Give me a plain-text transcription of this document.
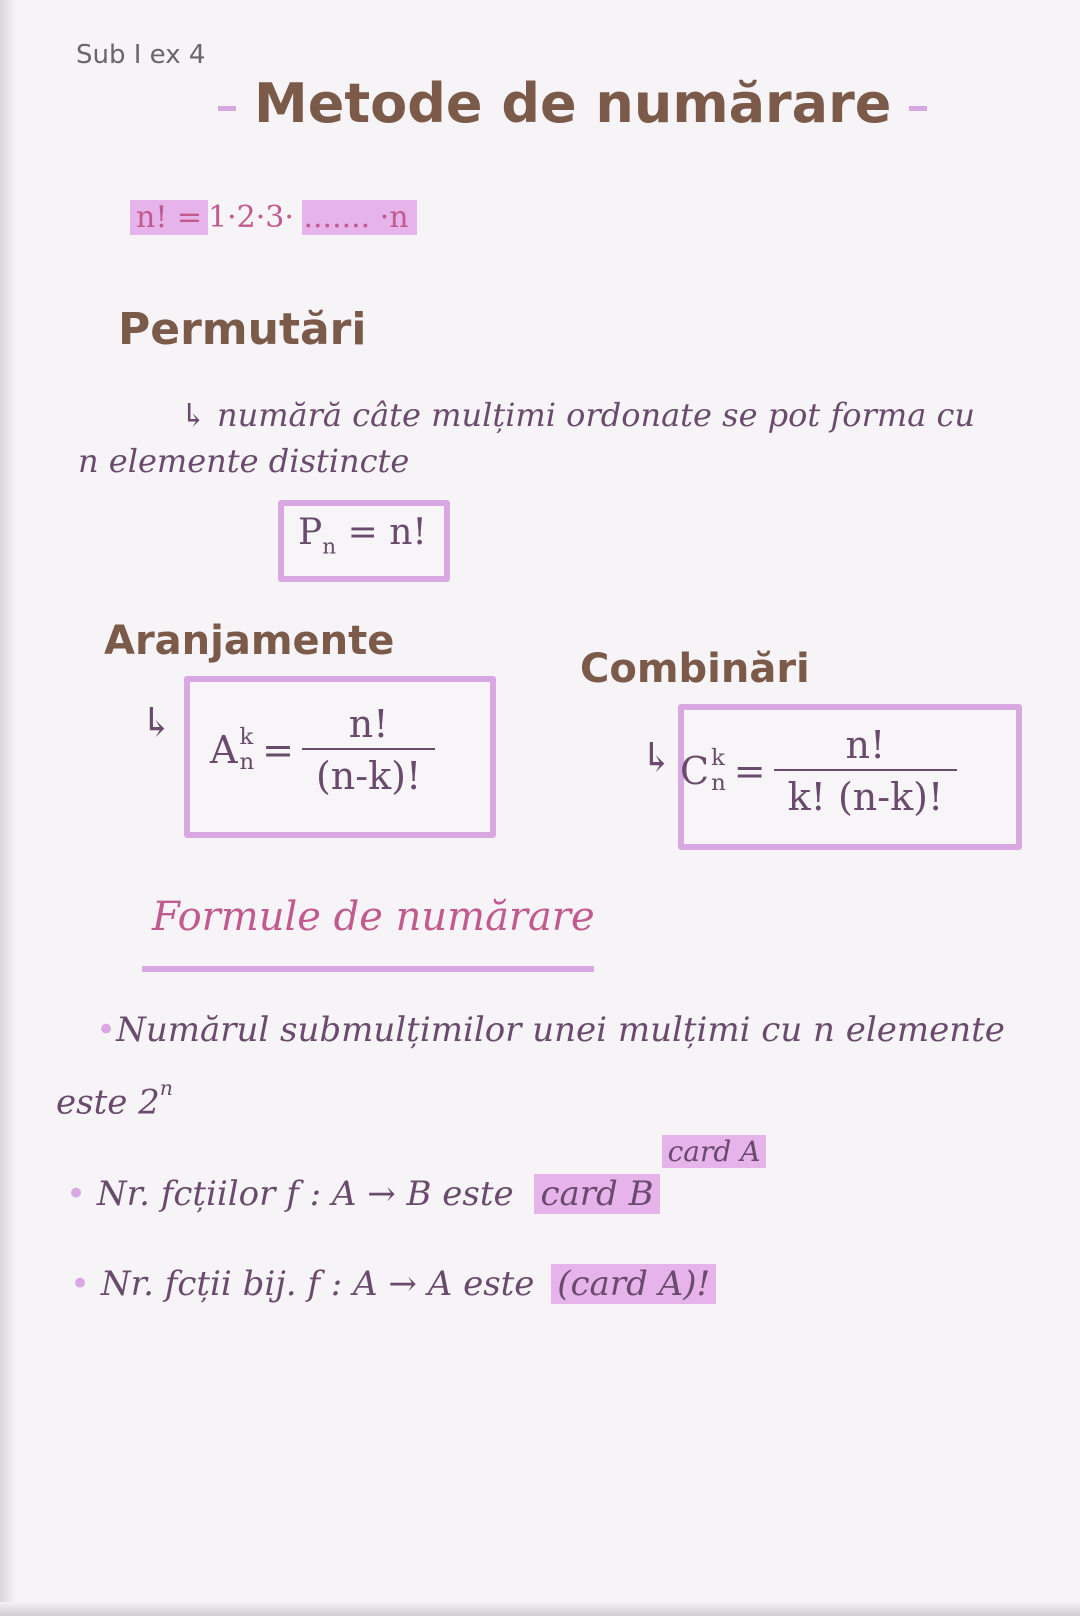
Sub I ex 4
Metode de numărare
n! = 1·2·3· ....... ·n
Permutări
↳ numără câte mulțimi ordonate se pot forma cu
n elemente distincte
$P_n = n$!
Aranjamente
↳
A k
$n = \frac{n!}{(n-k)!}$
Combinări
↳ C k
$n = \frac{n!}{k! (n-k)!}$
Formule de numărare
•Numărul submulțimilor unei mulțimi cu n elemente
este 2$^n$
• Nr. fcțiilor f : A → B este card $B^{card A}$
• Nr. fcții bij. f : A → A este (card A)!
